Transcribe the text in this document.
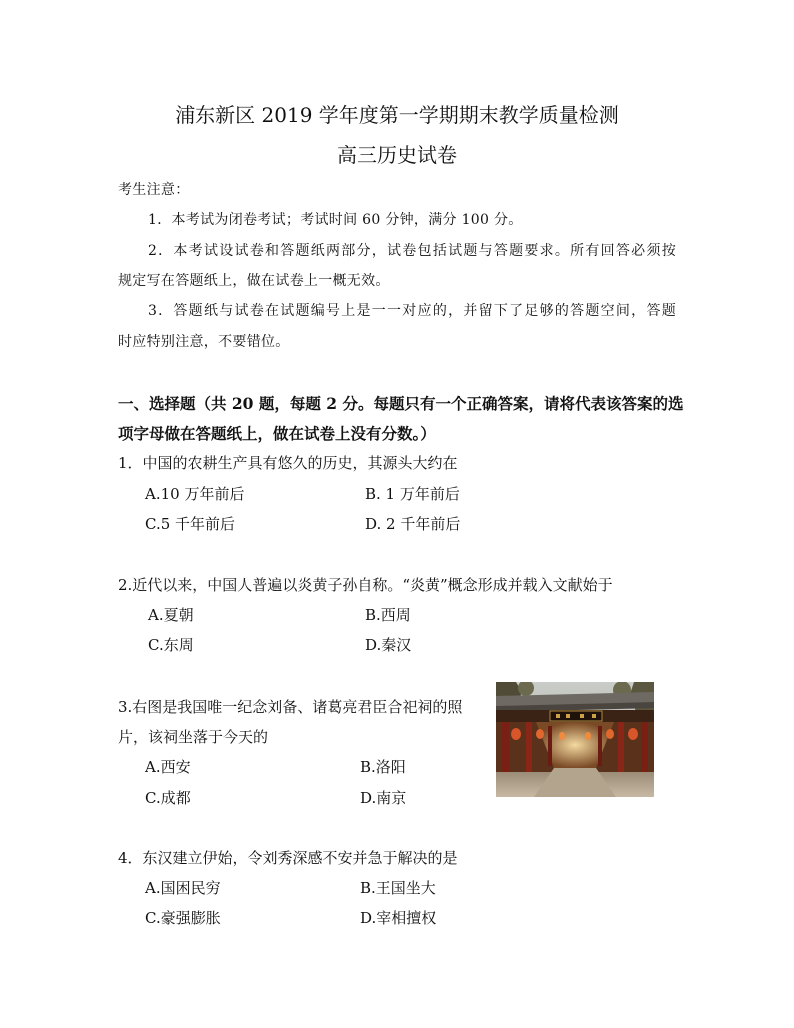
浦东新区 2019 学年度第一学期期末教学质量检测
高三历史试卷
考生注意：
1．本考试为闭卷考试；考试时间 60 分钟，满分 100 分。
2．本考试设试卷和答题纸两部分，试卷包括试题与答题要求。所有回答必须按
规定写在答题纸上，做在试卷上一概无效。
3．答题纸与试卷在试题编号上是一一对应的，并留下了足够的答题空间，答题
时应特别注意，不要错位。
一、选择题（共 20 题，每题 2 分。每题只有一个正确答案，请将代表该答案的选
项字母做在答题纸上，做在试卷上没有分数。）
1．中国的农耕生产具有悠久的历史，其源头大约在
A.10 万年前后	B. 1 万年前后
C.5 千年前后	D. 2 千年前后
2.近代以来，中国人普遍以炎黄子孙自称。“炎黄”概念形成并载入文献始于
A.夏朝	B.西周
C.东周	D.秦汉
3.右图是我国唯一纪念刘备、诸葛亮君臣合祀祠的照
片，该祠坐落于今天的
A.西安	B.洛阳
C.成都	D.南京
4．东汉建立伊始，令刘秀深感不安并急于解决的是
A.国困民穷	B.王国坐大
C.豪强膨胀	D.宰相擅权
